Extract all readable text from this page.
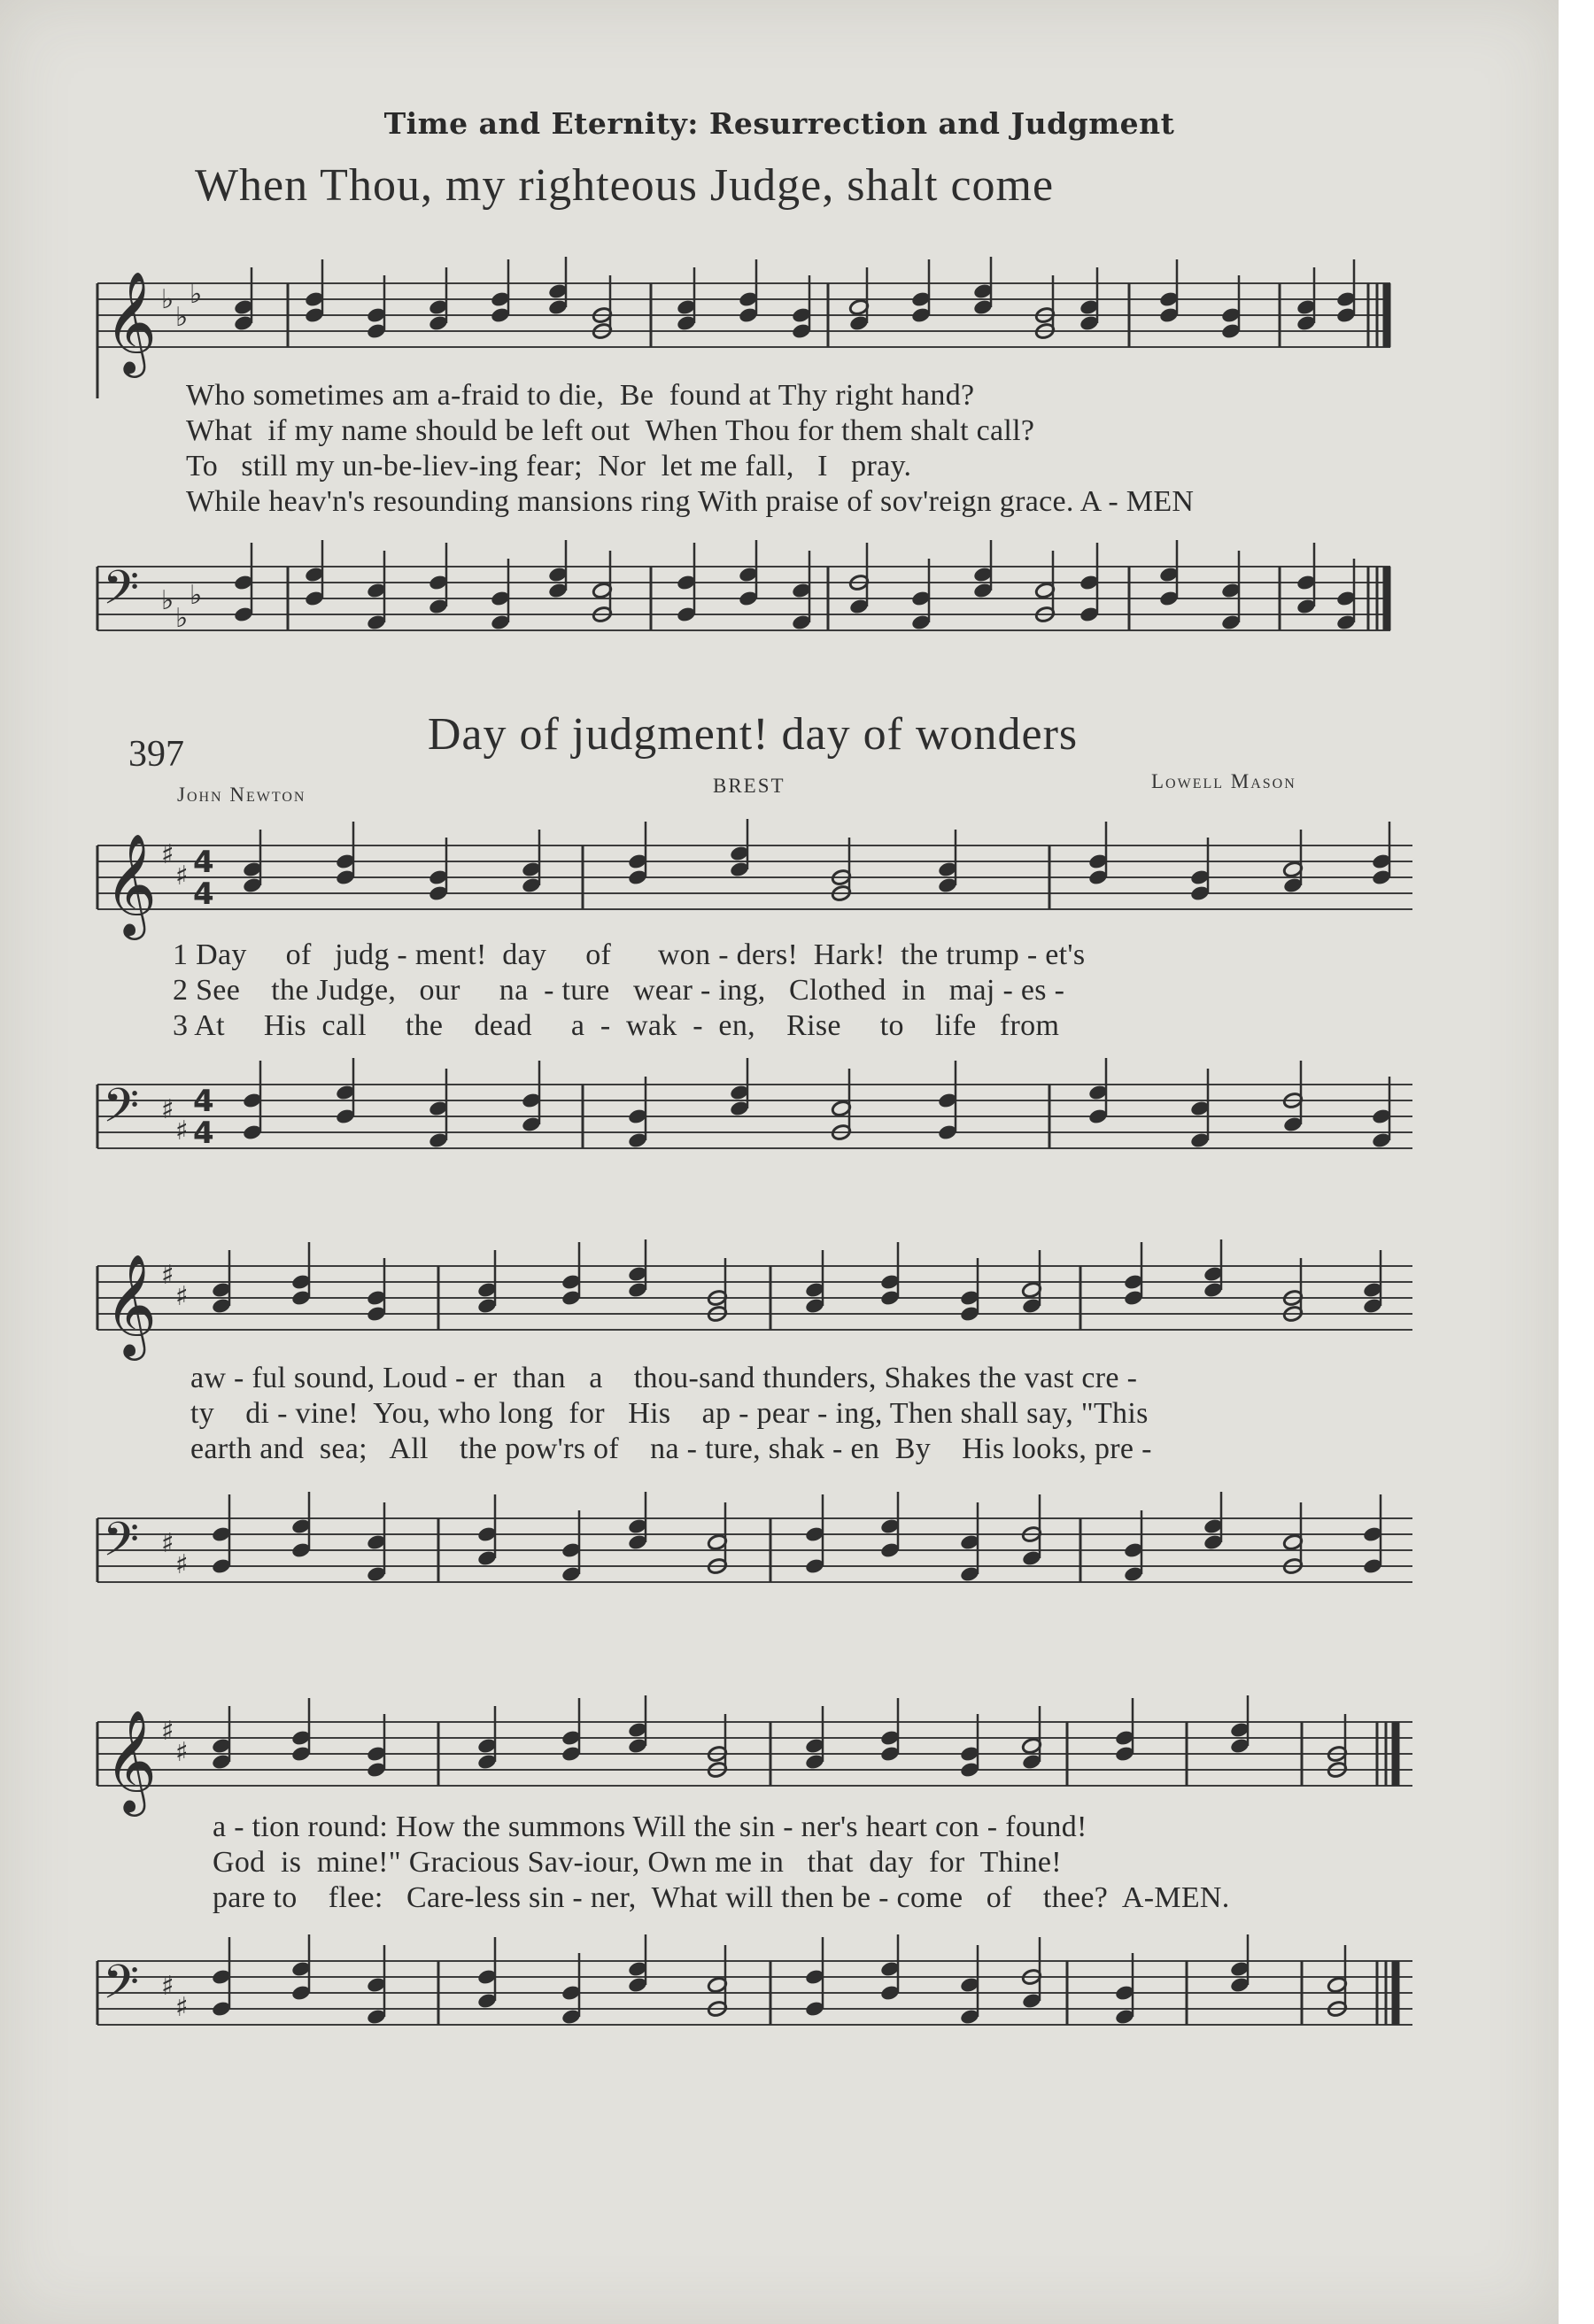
Time and Eternity: Resurrection and Judgment
When Thou, my righteous Judge, shalt come
𝄞 ♭
♭
♭
Who sometimes am a-fraid to die,  Be  found at Thy right hand?
What  if my name should be left out  When Thou for them shalt call?
To   still my un-be-liev-ing fear;  Nor  let me fall,   I   pray.
While heav'n's resounding mansions ring With praise of sov'reign grace. A - MEN
𝄢 ♭
♭
♭
397	Day of judgment! day of wonders
John Newton	BREST	Lowell Mason
𝄞 ♯
♯ 4
4
1 Day     of   judg - ment!  day     of      won - ders!  Hark!  the trump - et's
2 See    the Judge,   our     na  - ture   wear - ing,   Clothed  in   maj - es -
3 At     His  call     the    dead     a  -  wak  -  en,    Rise     to    life   from
𝄢 ♯
♯
4
4
𝄞 ♯
♯
aw - ful sound, Loud - er  than   a    thou-sand thunders, Shakes the vast cre -
ty    di - vine!  You, who long  for   His    ap - pear - ing, Then shall say, "This
earth and  sea;   All    the pow'rs of    na - ture, shak - en  By    His looks, pre -
𝄢 ♯
♯
𝄞 ♯
♯
a - tion round: How the summons Will the sin - ner's heart con - found!
God  is  mine!" Gracious Sav-iour, Own me in   that  day  for  Thine!
pare to    flee:   Care-less sin - ner,  What will then be - come   of    thee?  A-MEN.
𝄢 ♯
♯
